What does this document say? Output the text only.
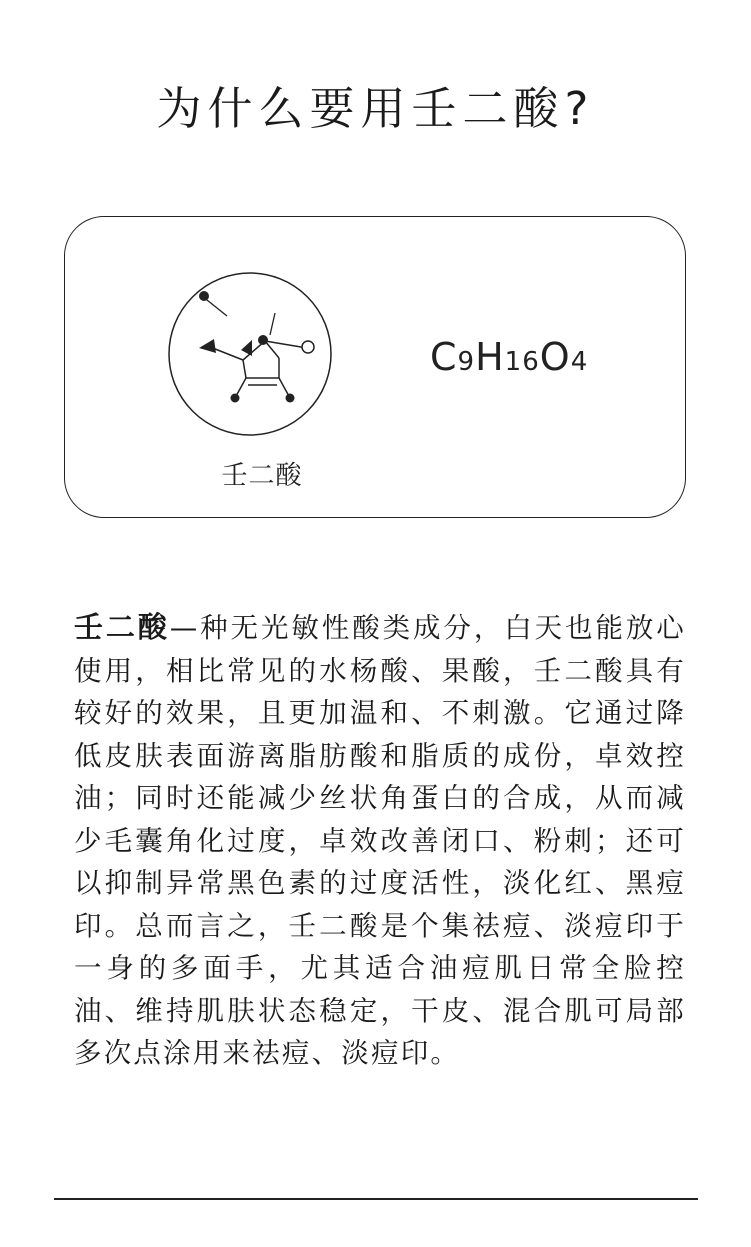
为什么要用壬二酸?
壬二酸
C9H16O4

壬二酸—种无光敏性酸类成分，白天也能放心使用，相比常见的水杨酸、果酸，壬二酸具有较好的效果，且更加温和、不刺激。它通过降低皮肤表面游离脂肪酸和脂质的成份，卓效控油；同时还能减少丝状角蛋白的合成，从而减少毛囊角化过度，卓效改善闭口、粉刺；还可以抑制异常黑色素的过度活性，淡化红、黑痘印。总而言之，壬二酸是个集祛痘、淡痘印于一身的多面手，尤其适合油痘肌日常全脸控油、维持肌肤状态稳定，干皮、混合肌可局部多次点涂用来祛痘、淡痘印。
